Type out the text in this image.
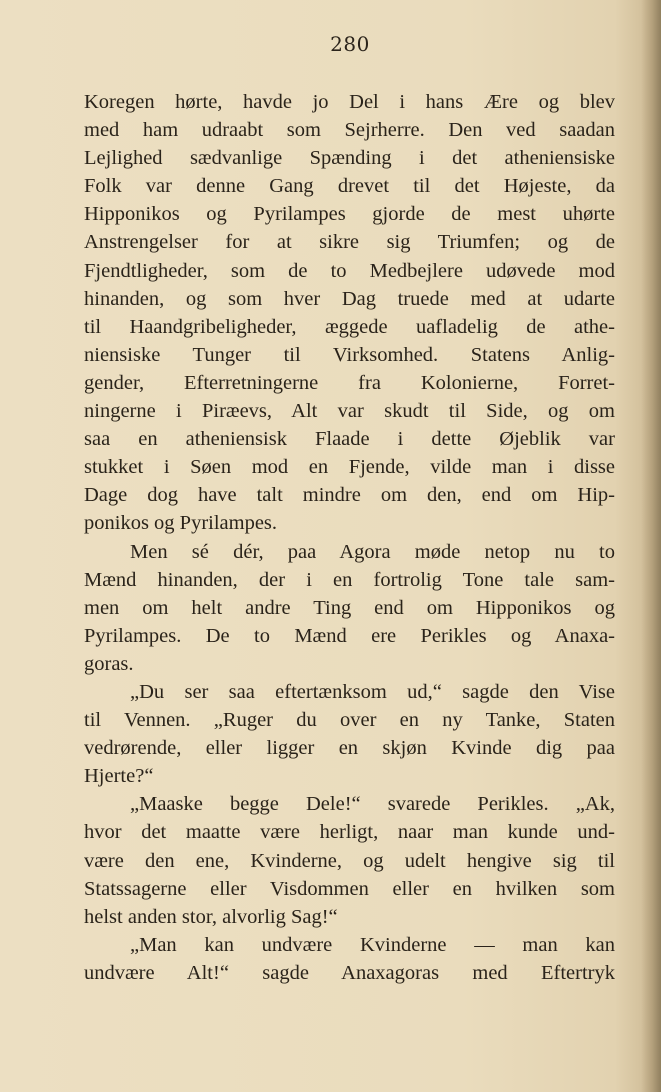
280
Koregen hørte, havde jo Del i hans Ære og blev
med ham udraabt som Sejrherre. Den ved saadan
Lejlighed sædvanlige Spænding i det atheniensiske
Folk var denne Gang drevet til det Højeste, da
Hipponikos og Pyrilampes gjorde de mest uhørte
Anstrengelser for at sikre sig Triumfen; og de
Fjendtligheder, som de to Medbejlere udøvede mod
hinanden, og som hver Dag truede med at udarte
til Haandgribeligheder, æggede uafladelig de athe-
niensiske Tunger til Virksomhed. Statens Anlig-
gender, Efterretningerne fra Kolonierne, Forret-
ningerne i Piræevs, Alt var skudt til Side, og om
saa en atheniensisk Flaade i dette Øjeblik var
stukket i Søen mod en Fjende, vilde man i disse
Dage dog have talt mindre om den, end om Hip-
ponikos og Pyrilampes.
Men sé dér, paa Agora møde netop nu to
Mænd hinanden, der i en fortrolig Tone tale sam-
men om helt andre Ting end om Hipponikos og
Pyrilampes. De to Mænd ere Perikles og Anaxa-
goras.
„Du ser saa eftertænksom ud,“ sagde den Vise
til Vennen. „Ruger du over en ny Tanke, Staten
vedrørende, eller ligger en skjøn Kvinde dig paa
Hjerte?“
„Maaske begge Dele!“ svarede Perikles. „Ak,
hvor det maatte være herligt, naar man kunde und-
være den ene, Kvinderne, og udelt hengive sig til
Statssagerne eller Visdommen eller en hvilken som
helst anden stor, alvorlig Sag!“
„Man kan undvære Kvinderne — man kan
undvære Alt!“ sagde Anaxagoras med Eftertryk
